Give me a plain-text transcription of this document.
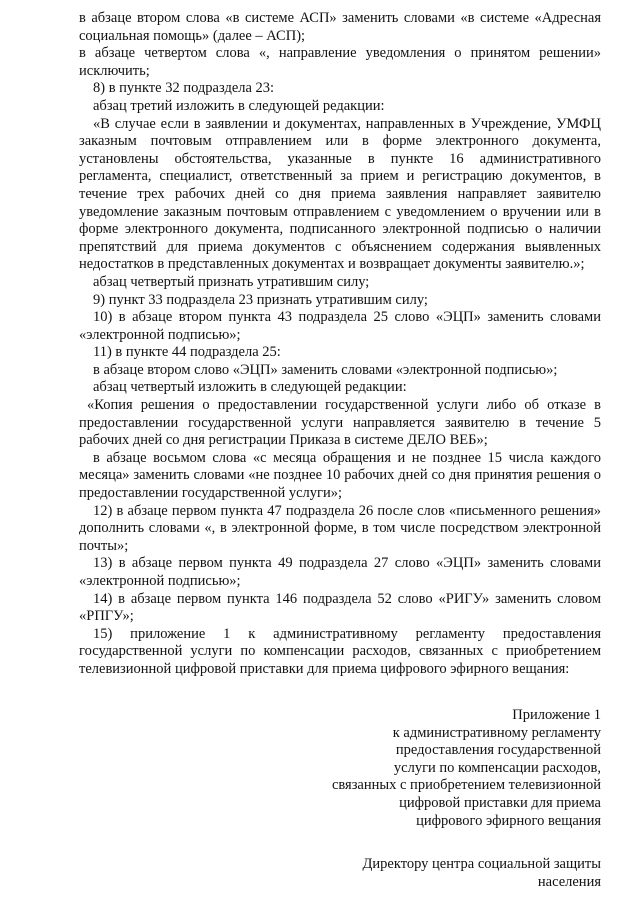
в абзаце втором слова «в системе АСП» заменить словами «в системе «Адресная социальная помощь» (далее – АСП);

в абзаце четвертом слова «, направление уведомления о принятом решении» исключить;

8) в пункте 32 подраздела 23:

абзац третий изложить в следующей редакции:

«В случае если в заявлении и документах, направленных в Учреждение, УМФЦ заказным почтовым отправлением или в форме электронного документа, установлены обстоятельства, указанные в пункте 16 административного регламента, специалист, ответственный за прием и регистрацию документов, в течение трех рабочих дней со дня приема заявления направляет заявителю уведомление заказным почтовым отправлением с уведомлением о вручении или в форме электронного документа, подписанного электронной подписью о наличии препятствий для приема документов с объяснением содержания выявленных недостатков в представленных документах и возвращает документы заявителю.»;

абзац четвертый признать утратившим силу;

9) пункт 33 подраздела 23 признать утратившим силу;

10) в абзаце втором пункта 43 подраздела 25 слово «ЭЦП» заменить словами «электронной подписью»;

11) в пункте 44 подраздела 25:

в абзаце втором слово «ЭЦП» заменить словами «электронной подписью»;

абзац четвертый изложить в следующей редакции:

«Копия решения о предоставлении государственной услуги либо об отказе в предоставлении государственной услуги направляется заявителю в течение 5 рабочих дней со дня регистрации Приказа в системе ДЕЛО ВЕБ»;

в абзаце восьмом слова «с месяца обращения и не позднее 15 числа каждого месяца» заменить словами «не позднее 10 рабочих дней со дня принятия решения о предоставлении государственной услуги»;

12) в абзаце первом пункта 47 подраздела 26 после слов «письменного решения» дополнить словами «, в электронной форме, в том числе посредством электронной почты»;

13) в абзаце первом пункта 49 подраздела 27 слово «ЭЦП» заменить словами «электронной подписью»;

14) в абзаце первом пункта 146 подраздела 52 слово «РИГУ» заменить словом «РПГУ»;

15) приложение 1 к административному регламенту предоставления государственной услуги по компенсации расходов, связанных с приобретением телевизионной цифровой приставки для приема цифрового эфирного вещания:

Приложение 1
к административному регламенту
предоставления государственной
услуги по компенсации расходов,
связанных с приобретением телевизионной
цифровой приставки для приема
цифрового эфирного вещания
Директору центра социальной защиты
населения
